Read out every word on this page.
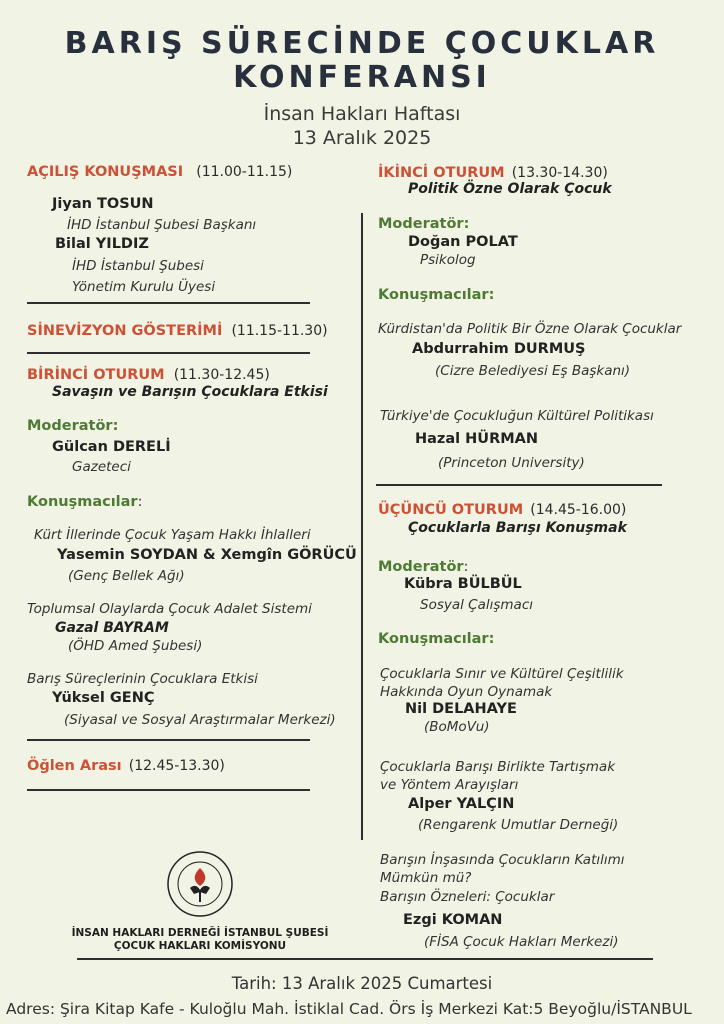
BARIŞ SÜRECİNDE ÇOCUKLAR
KONFERANSI
İnsan Hakları Haftası
13 Aralık 2025
AÇILIŞ KONUŞMASI (11.00-11.15)
Jiyan TOSUN
İHD İstanbul Şubesi Başkanı
Bilal YILDIZ
İHD İstanbul Şubesi
Yönetim Kurulu Üyesi
SİNEVİZYON GÖSTERİMİ (11.15-11.30)
BİRİNCİ OTURUM (11.30-12.45)
Savaşın ve Barışın Çocuklara Etkisi
Moderatör:
Gülcan DERELİ
Gazeteci
Konuşmacılar:
Kürt İllerinde Çocuk Yaşam Hakkı İhlalleri
Yasemin SOYDAN & Xemgîn GÖRÜCÜ
(Genç Bellek Ağı)
Toplumsal Olaylarda Çocuk Adalet Sistemi
Gazal BAYRAM
(ÖHD Amed Şubesi)
Barış Süreçlerinin Çocuklara Etkisi
Yüksel GENÇ
(Siyasal ve Sosyal Araştırmalar Merkezi)
Öğlen Arası (12.45-13.30)
İNSAN HAKLARI DERNEĞİ İSTANBUL ŞUBESİ
ÇOCUK HAKLARI KOMİSYONU
İKİNCİ OTURUM (13.30-14.30)
Politik Özne Olarak Çocuk
Moderatör:
Doğan POLAT
Psikolog
Konuşmacılar:
Kürdistan'da Politik Bir Özne Olarak Çocuklar
Abdurrahim DURMUŞ
(Cizre Belediyesi Eş Başkanı)
Türkiye'de Çocukluğun Kültürel Politikası
Hazal HÜRMAN
(Princeton University)
ÜÇÜNCÜ OTURUM (14.45-16.00)
Çocuklarla Barışı Konuşmak
Moderatör:
Kübra BÜLBÜL
Sosyal Çalışmacı
Konuşmacılar:
Çocuklarla Sınır ve Kültürel Çeşitlilik
Hakkında Oyun Oynamak
Nil DELAHAYE
(BoMoVu)
Çocuklarla Barışı Birlikte Tartışmak
ve Yöntem Arayışları
Alper YALÇIN
(Rengarenk Umutlar Derneği)
Barışın İnşasında Çocukların Katılımı
Mümkün mü?
Barışın Özneleri: Çocuklar
Ezgi KOMAN
(FİSA Çocuk Hakları Merkezi)
Tarih: 13 Aralık 2025 Cumartesi
Adres: Şira Kitap Kafe - Kuloğlu Mah. İstiklal Cad. Örs İş Merkezi Kat:5 Beyoğlu/İSTANBUL
